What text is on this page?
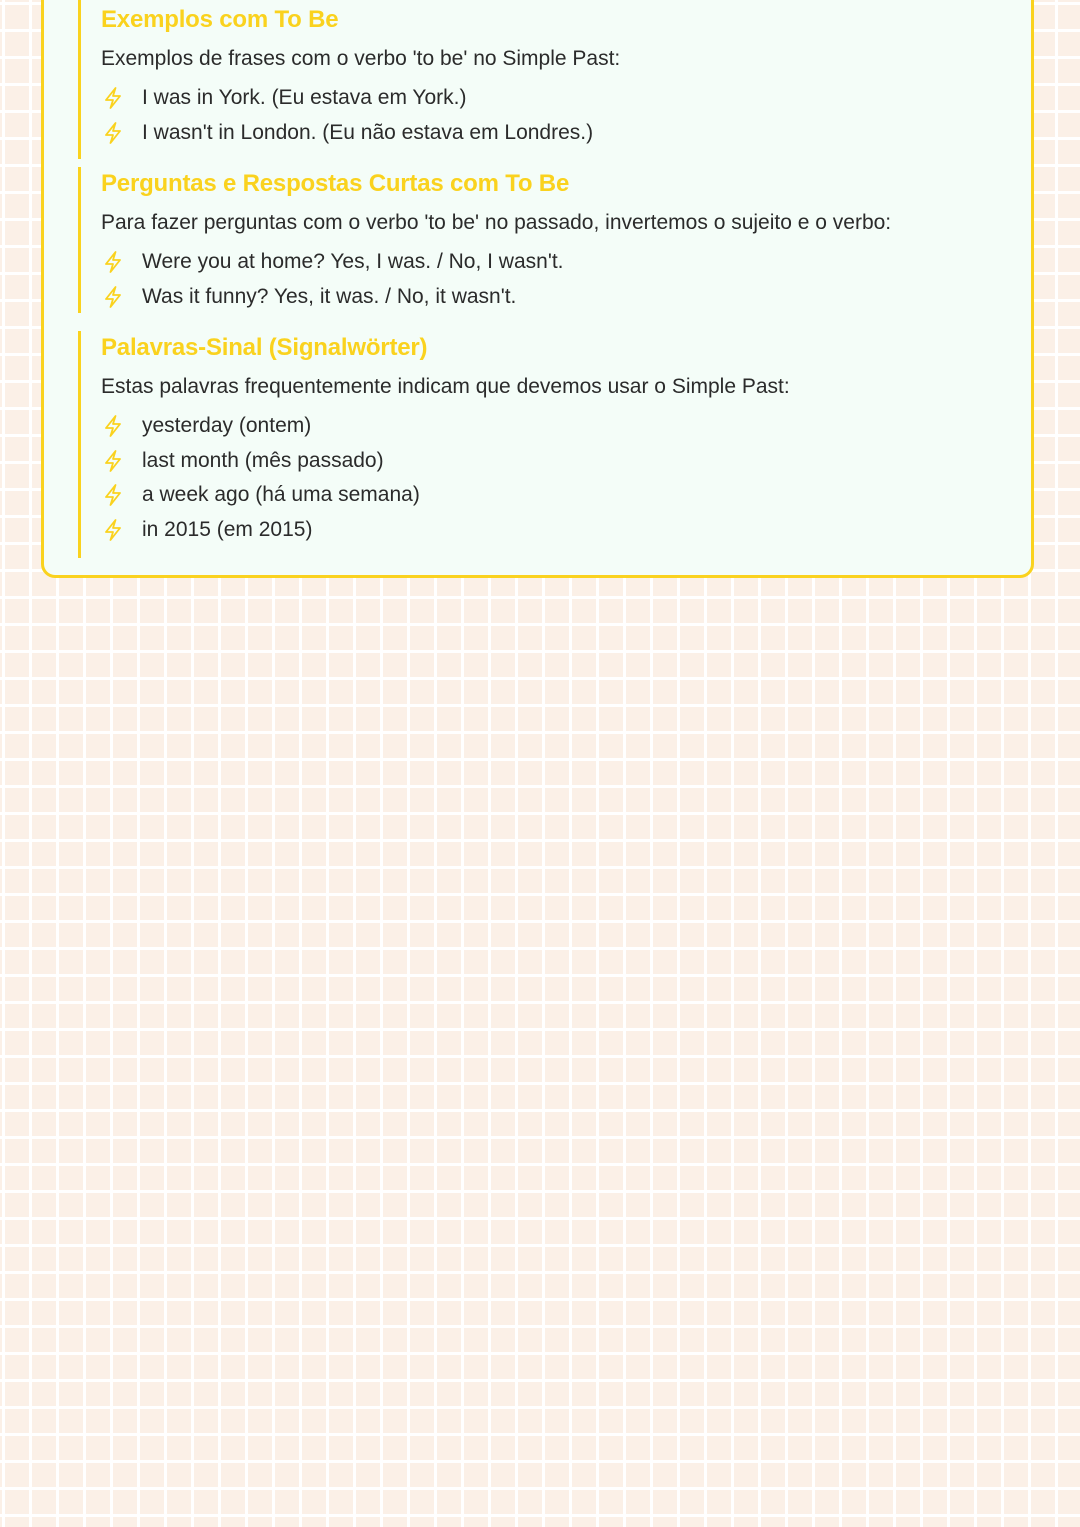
Exemplos com To Be
Exemplos de frases com o verbo 'to be' no Simple Past:
I was in York. (Eu estava em York.)
I wasn't in London. (Eu não estava em Londres.)
Perguntas e Respostas Curtas com To Be
Para fazer perguntas com o verbo 'to be' no passado, invertemos o sujeito e o verbo:
Were you at home? Yes, I was. / No, I wasn't.
Was it funny? Yes, it was. / No, it wasn't.
Palavras-Sinal (Signalwörter)
Estas palavras frequentemente indicam que devemos usar o Simple Past:
yesterday (ontem)
last month (mês passado)
a week ago (há uma semana)
in 2015 (em 2015)
